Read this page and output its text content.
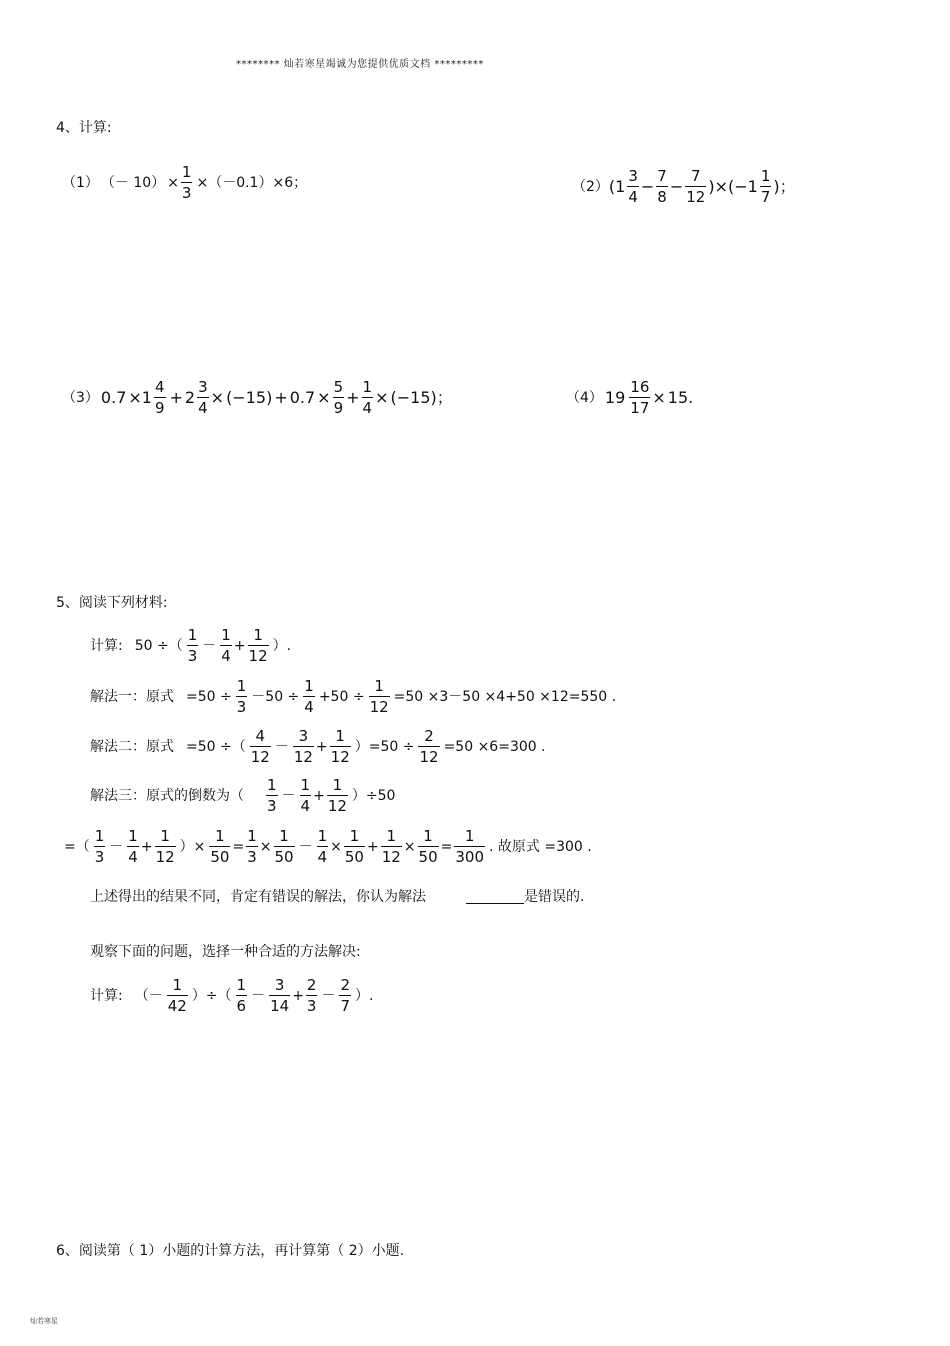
******** 灿若寒星竭诚为您提供优质文档 *********
4、计算:
（1） （－ $10) \times \frac{1}{3} \times(-0.1)\times 6$；	（2） ($1 \frac{3}{4} - \frac{7}{8} - \frac{7}{12}$ ) × ($-1 \frac{1}{7}$ )；
（3） $0.7 \times 1 \frac{4}{9} + 2 \frac{3}{4} \times (-15) + 0.7 \times \frac{5}{9} + \frac{1}{4} \times (-15)$；	（4） $19 \frac{16}{17} \times 15$.
5、阅读下列材料:
计算: 50 ÷（ $\frac{1}{3} - \frac{1}{4} + \frac{1}{12}$ ）.
解法一：原式 $=50 \div \frac{1}{3} -50 \div \frac{1}{4} +50 \div \frac{1}{12} =50 \times 3-50 \times 4+50 \times 12=550$ .
解法二：原式 =50 ÷（ $\frac{4}{12} - \frac{3}{12} + \frac{1}{12} )=50 \div \frac{2}{12} =50 \times 6=300$ .
解法三：原式的倒数为（ $\frac{1}{3} - \frac{1}{4} + \frac{1}{12} )\div 50$
=（ $\frac{1}{3} - \frac{1}{4} + \frac{1}{12}$ ）× $\frac{1}{50} = \frac{1}{3} \times \frac{1}{50} - \frac{1}{4} \times \frac{1}{50} + \frac{1}{12} \times \frac{1}{50} = \frac{1}{300}$ . 故原式 =300 .
上述得出的结果不同，肯定有错误的解法，你认为解法	是错误的.
观察下面的问题，选择一种合适的方法解决:
计算: （－ $\frac{1}{42}$ ）÷（ $\frac{1}{6} - \frac{3}{14} + \frac{2}{3} - \frac{2}{7}$ ）.
6、阅读第（ 1）小题的计算方法，再计算第（ 2）小题.
灿若寒星
